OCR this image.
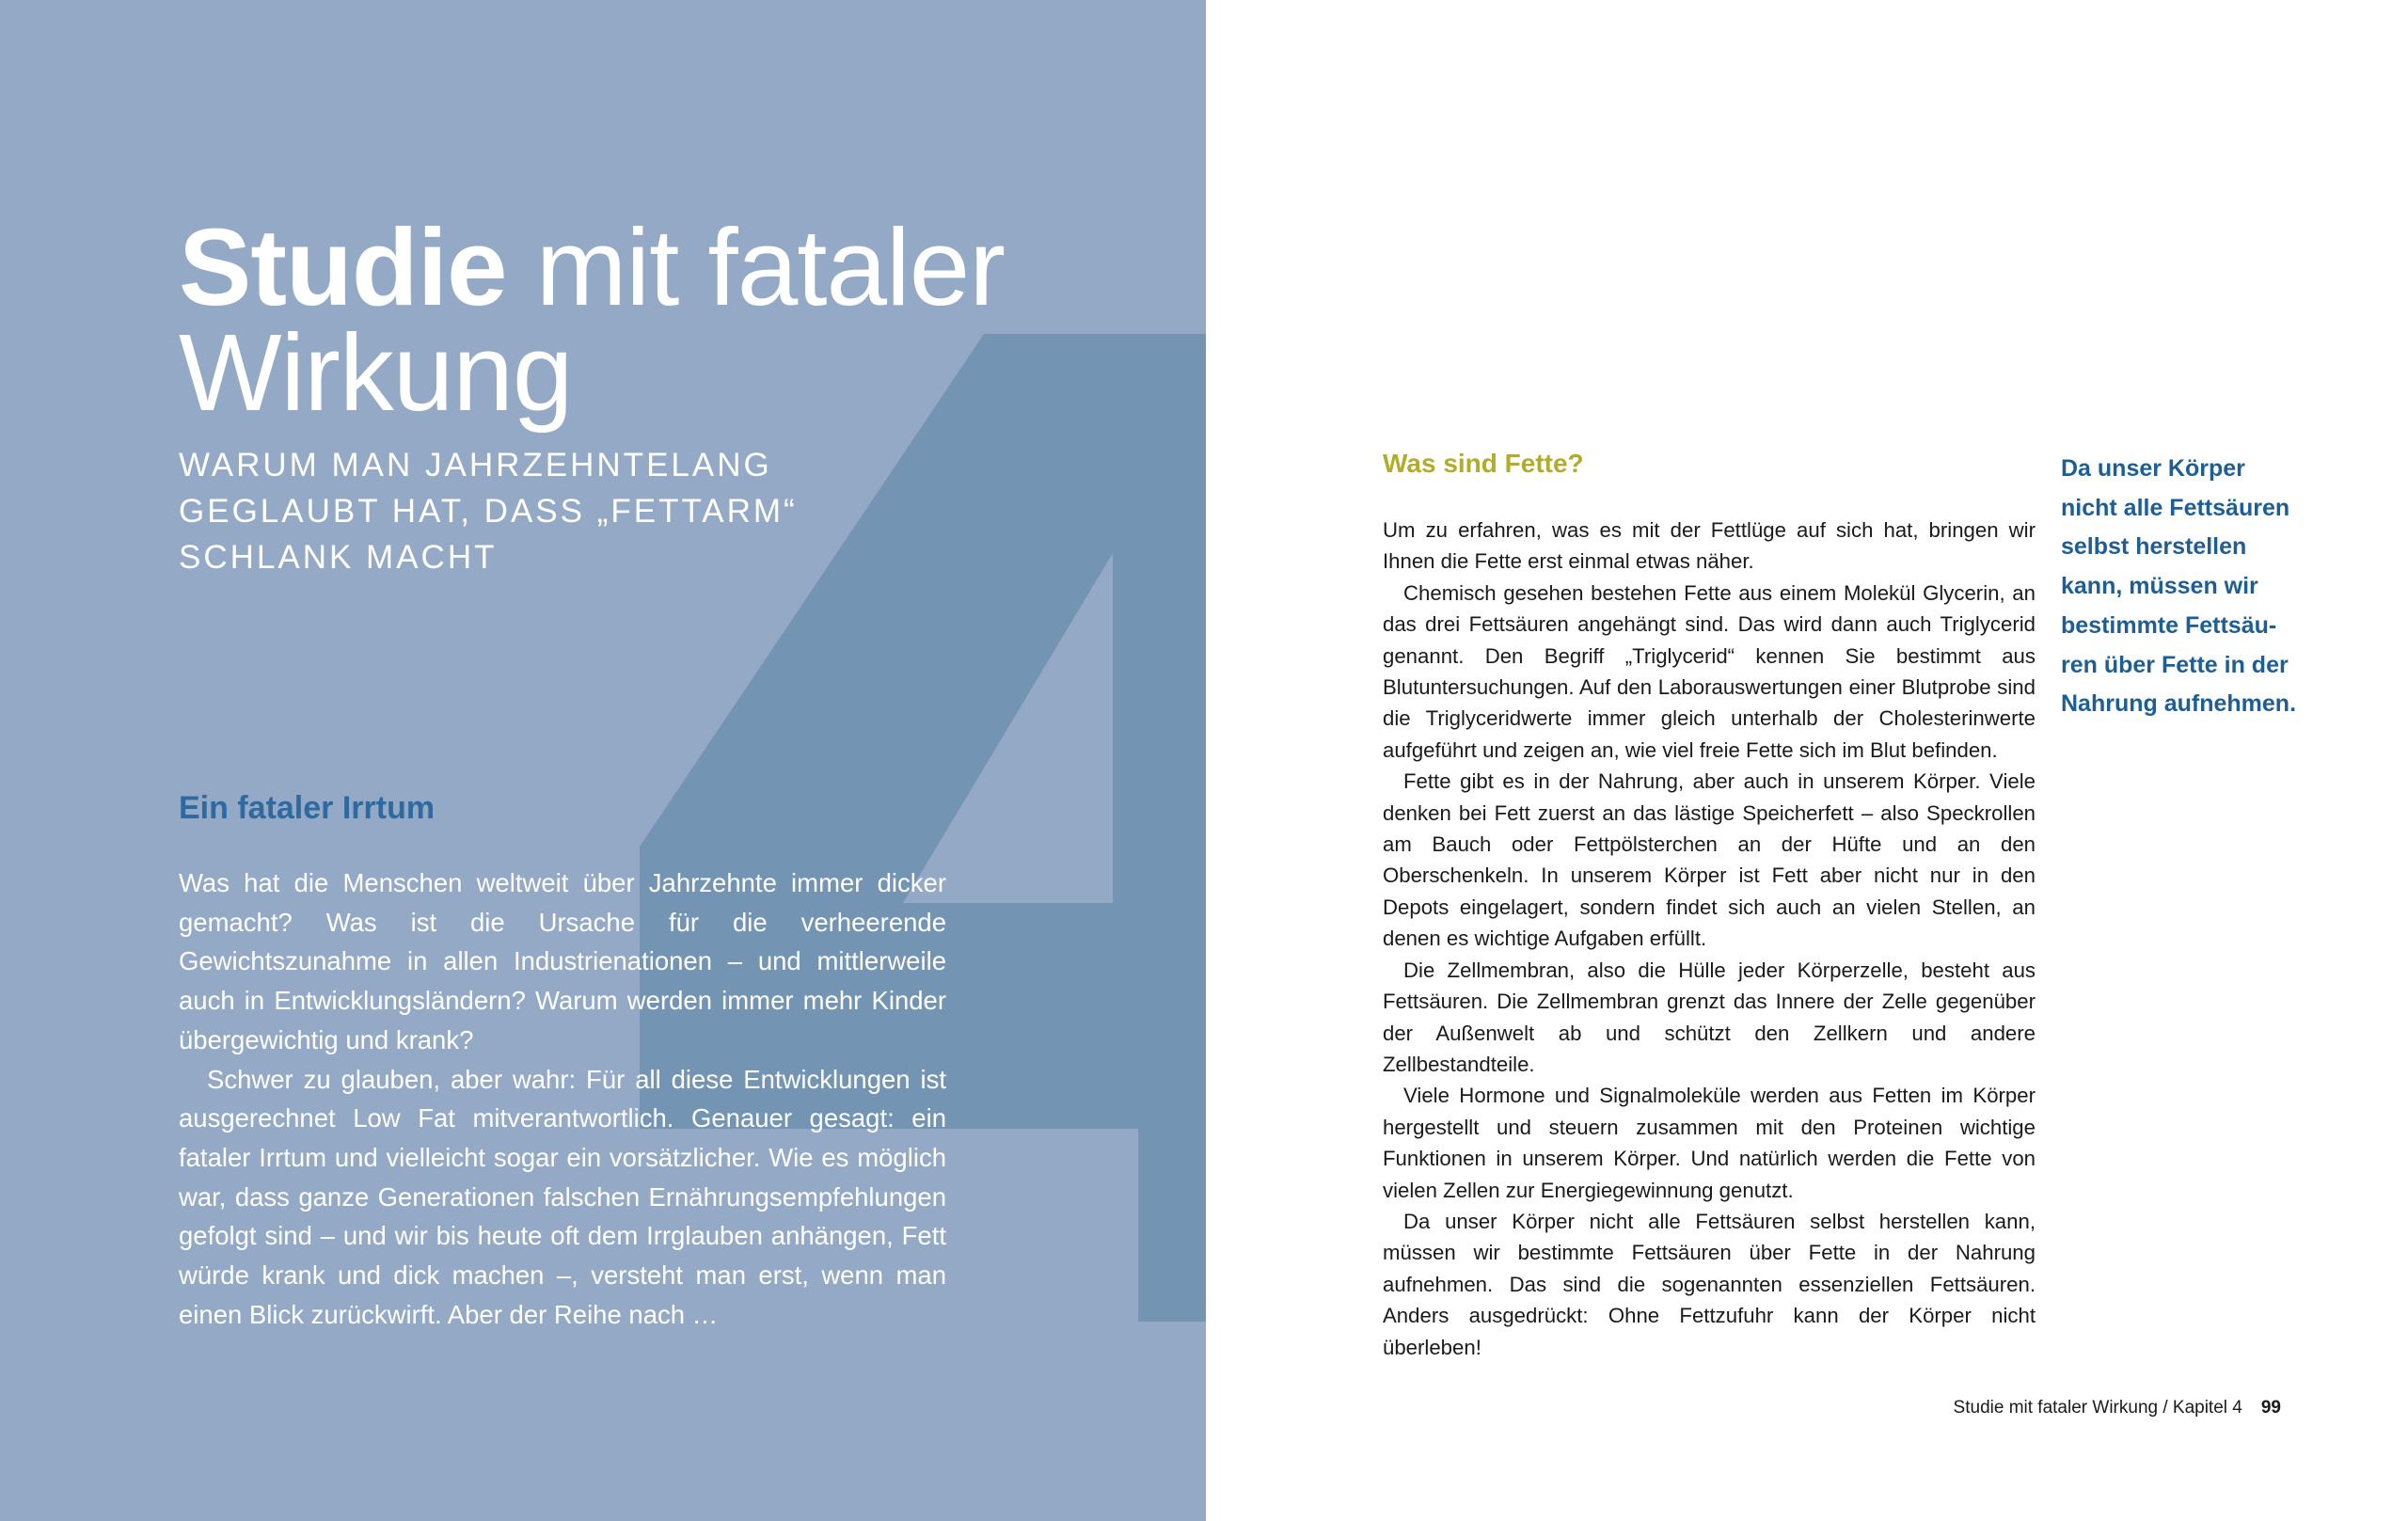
Studie mit fataler
Wirkung
WARUM MAN JAHRZEHNTELANG
GEGLAUBT HAT, DASS „FETTARM“
SCHLANK MACHT
Ein fataler Irrtum

Was hat die Menschen weltweit über Jahrzehnte immer dicker gemacht? Was ist die Ursache für die verheerende Gewichtszunahme in allen Industrienationen – und mittlerweile auch in Entwicklungsländern? Warum werden immer mehr Kinder übergewichtig und krank?

Schwer zu glauben, aber wahr: Für all diese Entwicklungen ist ausgerechnet Low Fat mitverantwortlich. Genauer gesagt: ein fataler Irrtum und vielleicht sogar ein vorsätzlicher. Wie es möglich war, dass ganze Generationen falschen Ernährungsempfehlungen gefolgt sind – und wir bis heute oft dem Irrglauben anhängen, Fett würde krank und dick machen –, versteht man erst, wenn man einen Blick zurückwirft. Aber der Reihe nach …

Was sind Fette?

Um zu erfahren, was es mit der Fettlüge auf sich hat, bringen wir Ihnen die Fette erst einmal etwas näher.

Chemisch gesehen bestehen Fette aus einem Molekül Glycerin, an das drei Fettsäuren angehängt sind. Das wird dann auch Triglycerid genannt. Den Begriff „Triglycerid“ kennen Sie bestimmt aus Blutuntersuchungen. Auf den Laborauswertungen einer Blutprobe sind die Triglyceridwerte immer gleich unterhalb der Cholesterinwerte aufgeführt und zeigen an, wie viel freie Fette sich im Blut befinden.

Fette gibt es in der Nahrung, aber auch in unserem Körper. Viele denken bei Fett zuerst an das lästige Speicherfett – also Speckrollen am Bauch oder Fettpölsterchen an der Hüfte und an den Oberschenkeln. In unserem Körper ist Fett aber nicht nur in den Depots eingelagert, sondern findet sich auch an vielen Stellen, an denen es wichtige Aufgaben erfüllt.

Die Zellmembran, also die Hülle jeder Körperzelle, besteht aus Fettsäuren. Die Zellmembran grenzt das Innere der Zelle gegenüber der Außenwelt ab und schützt den Zellkern und andere Zellbestandteile.

Viele Hormone und Signalmoleküle werden aus Fetten im Körper hergestellt und steuern zusammen mit den Proteinen wichtige Funktionen in unserem Körper. Und natürlich werden die Fette von vielen Zellen zur Energiegewinnung genutzt.

Da unser Körper nicht alle Fettsäuren selbst herstellen kann, müssen wir bestimmte Fettsäuren über Fette in der Nahrung aufnehmen. Das sind die sogenannten essenziellen Fettsäuren. Anders ausgedrückt: Ohne Fettzufuhr kann der Körper nicht überleben!

Da unser Körper
nicht alle Fettsäuren
selbst herstellen
kann, müssen wir
bestimmte Fettsäu-
ren über Fette in der
Nahrung aufnehmen.
Studie mit fataler Wirkung / Kapitel 4 99
